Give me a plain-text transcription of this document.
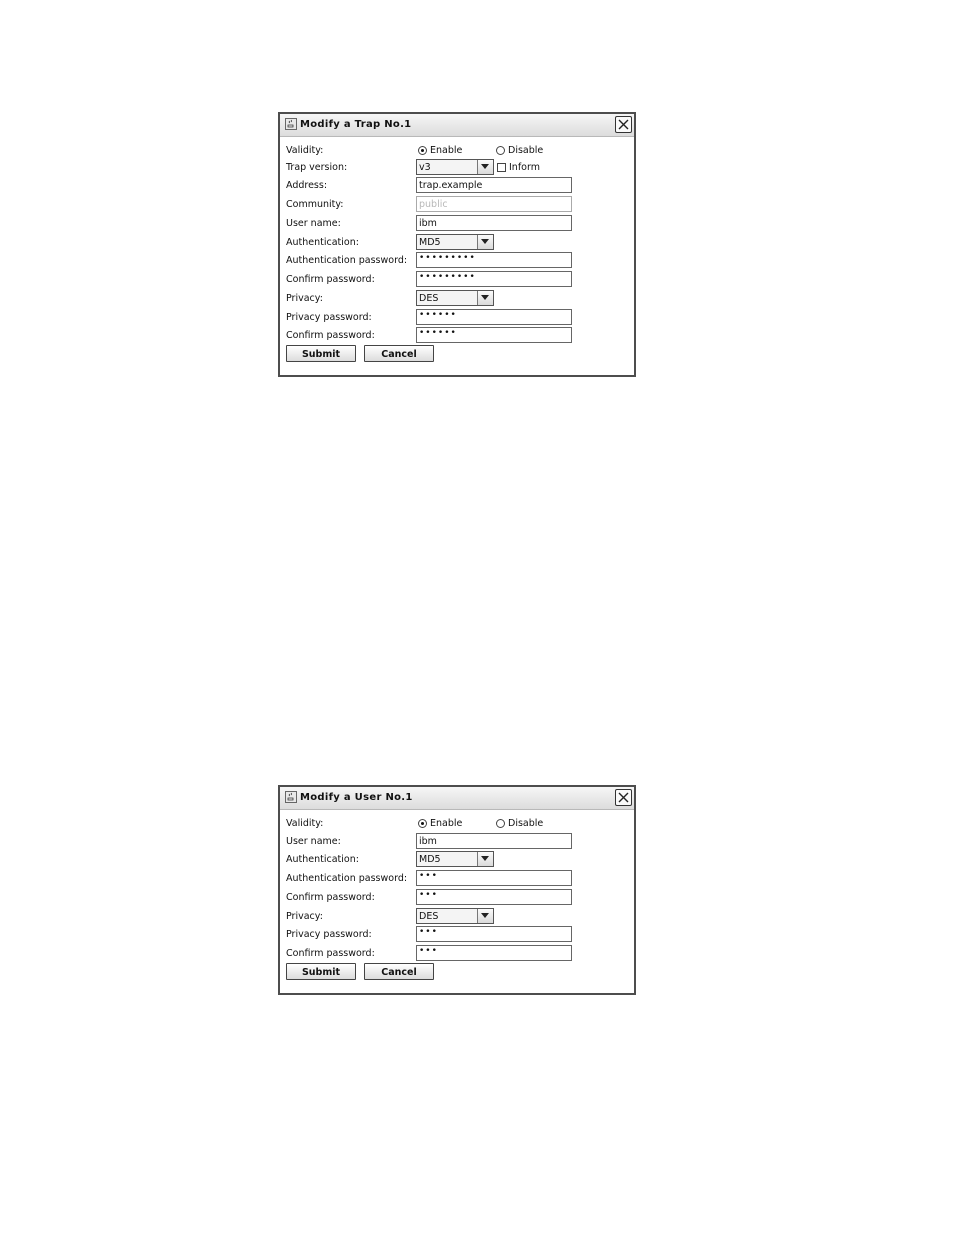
Modify a Trap No.1
Validity:	Enable	Disable
Trap version:	v3	Inform
Address:	trap.example
Community:	public
User name:	ibm
Authentication:	MD5
Authentication password:	•••••••••
Confirm password:	•••••••••
Privacy:	DES
Privacy password:	••••••
Confirm password:	••••••
Submit	Cancel
Modify a User No.1
Validity:	Enable	Disable
User name:	ibm
Authentication:	MD5
Authentication password:	•••
Confirm password:	•••
Privacy:	DES
Privacy password:	•••
Confirm password:	•••
Submit	Cancel
